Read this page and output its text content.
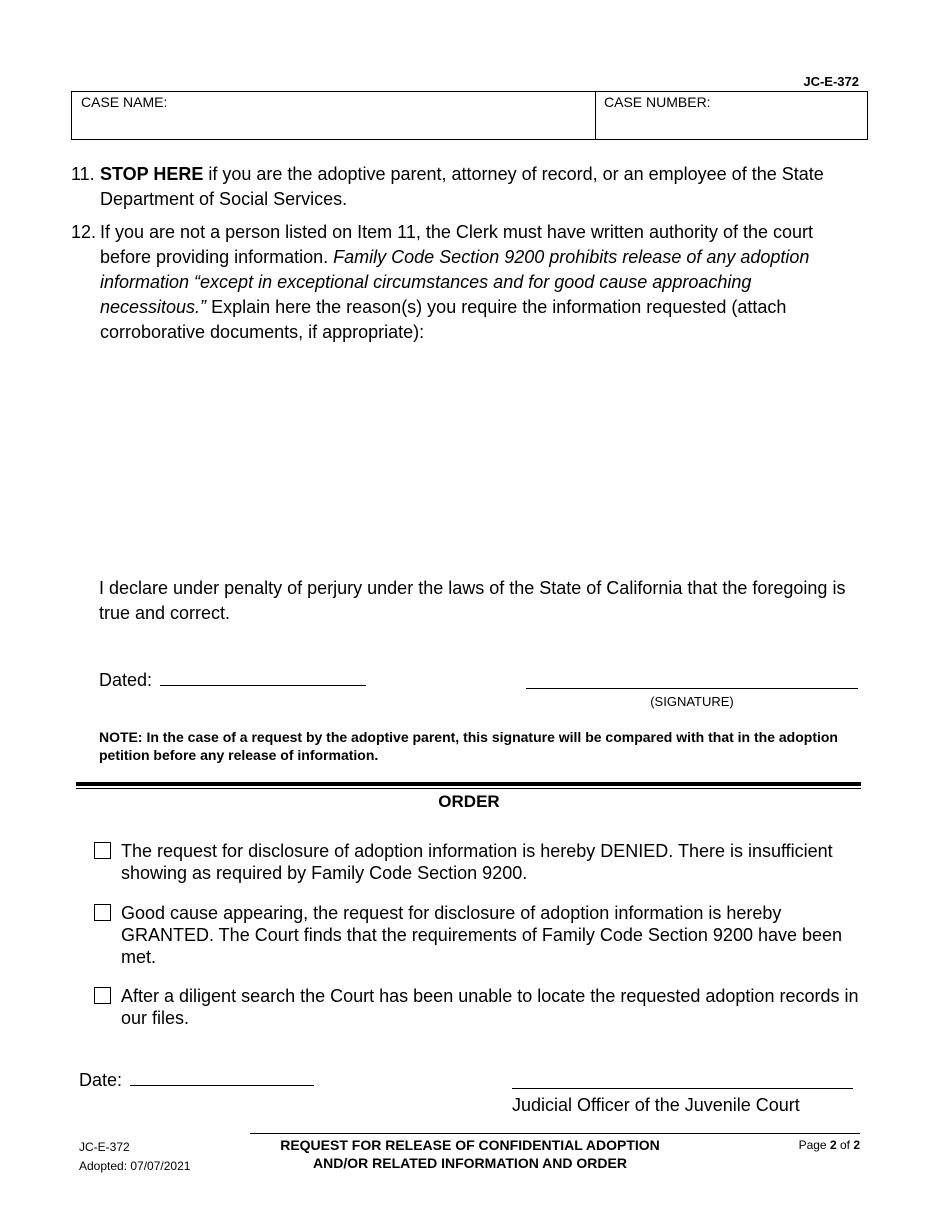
JC-E-372
CASE NAME:	CASE NUMBER:
11. STOP HERE if you are the adoptive parent, attorney of record, or an employee of the State Department of Social Services.
12. If you are not a person listed on Item 11, the Clerk must have written authority of the court before providing information. Family Code Section 9200 prohibits release of any adoption information “except in exceptional circumstances and for good cause approaching necessitous.” Explain here the reason(s) you require the information requested (attach corroborative documents, if appropriate):
I declare under penalty of perjury under the laws of the State of California that the foregoing is true and correct.
Dated:
(SIGNATURE)
NOTE: In the case of a request by the adoptive parent, this signature will be compared with that in the adoption petition before any release of information.
ORDER
The request for disclosure of adoption information is hereby DENIED. There is insufficient showing as required by Family Code Section 9200.
Good cause appearing, the request for disclosure of adoption information is hereby GRANTED. The Court finds that the requirements of Family Code Section 9200 have been met.
After a diligent search the Court has been unable to locate the requested adoption records in our files.
Date:
Judicial Officer of the Juvenile Court
JC-E-372
Adopted: 07/07/2021
REQUEST FOR RELEASE OF CONFIDENTIAL ADOPTION
AND/OR RELATED INFORMATION AND ORDER
Page 2 of 2
